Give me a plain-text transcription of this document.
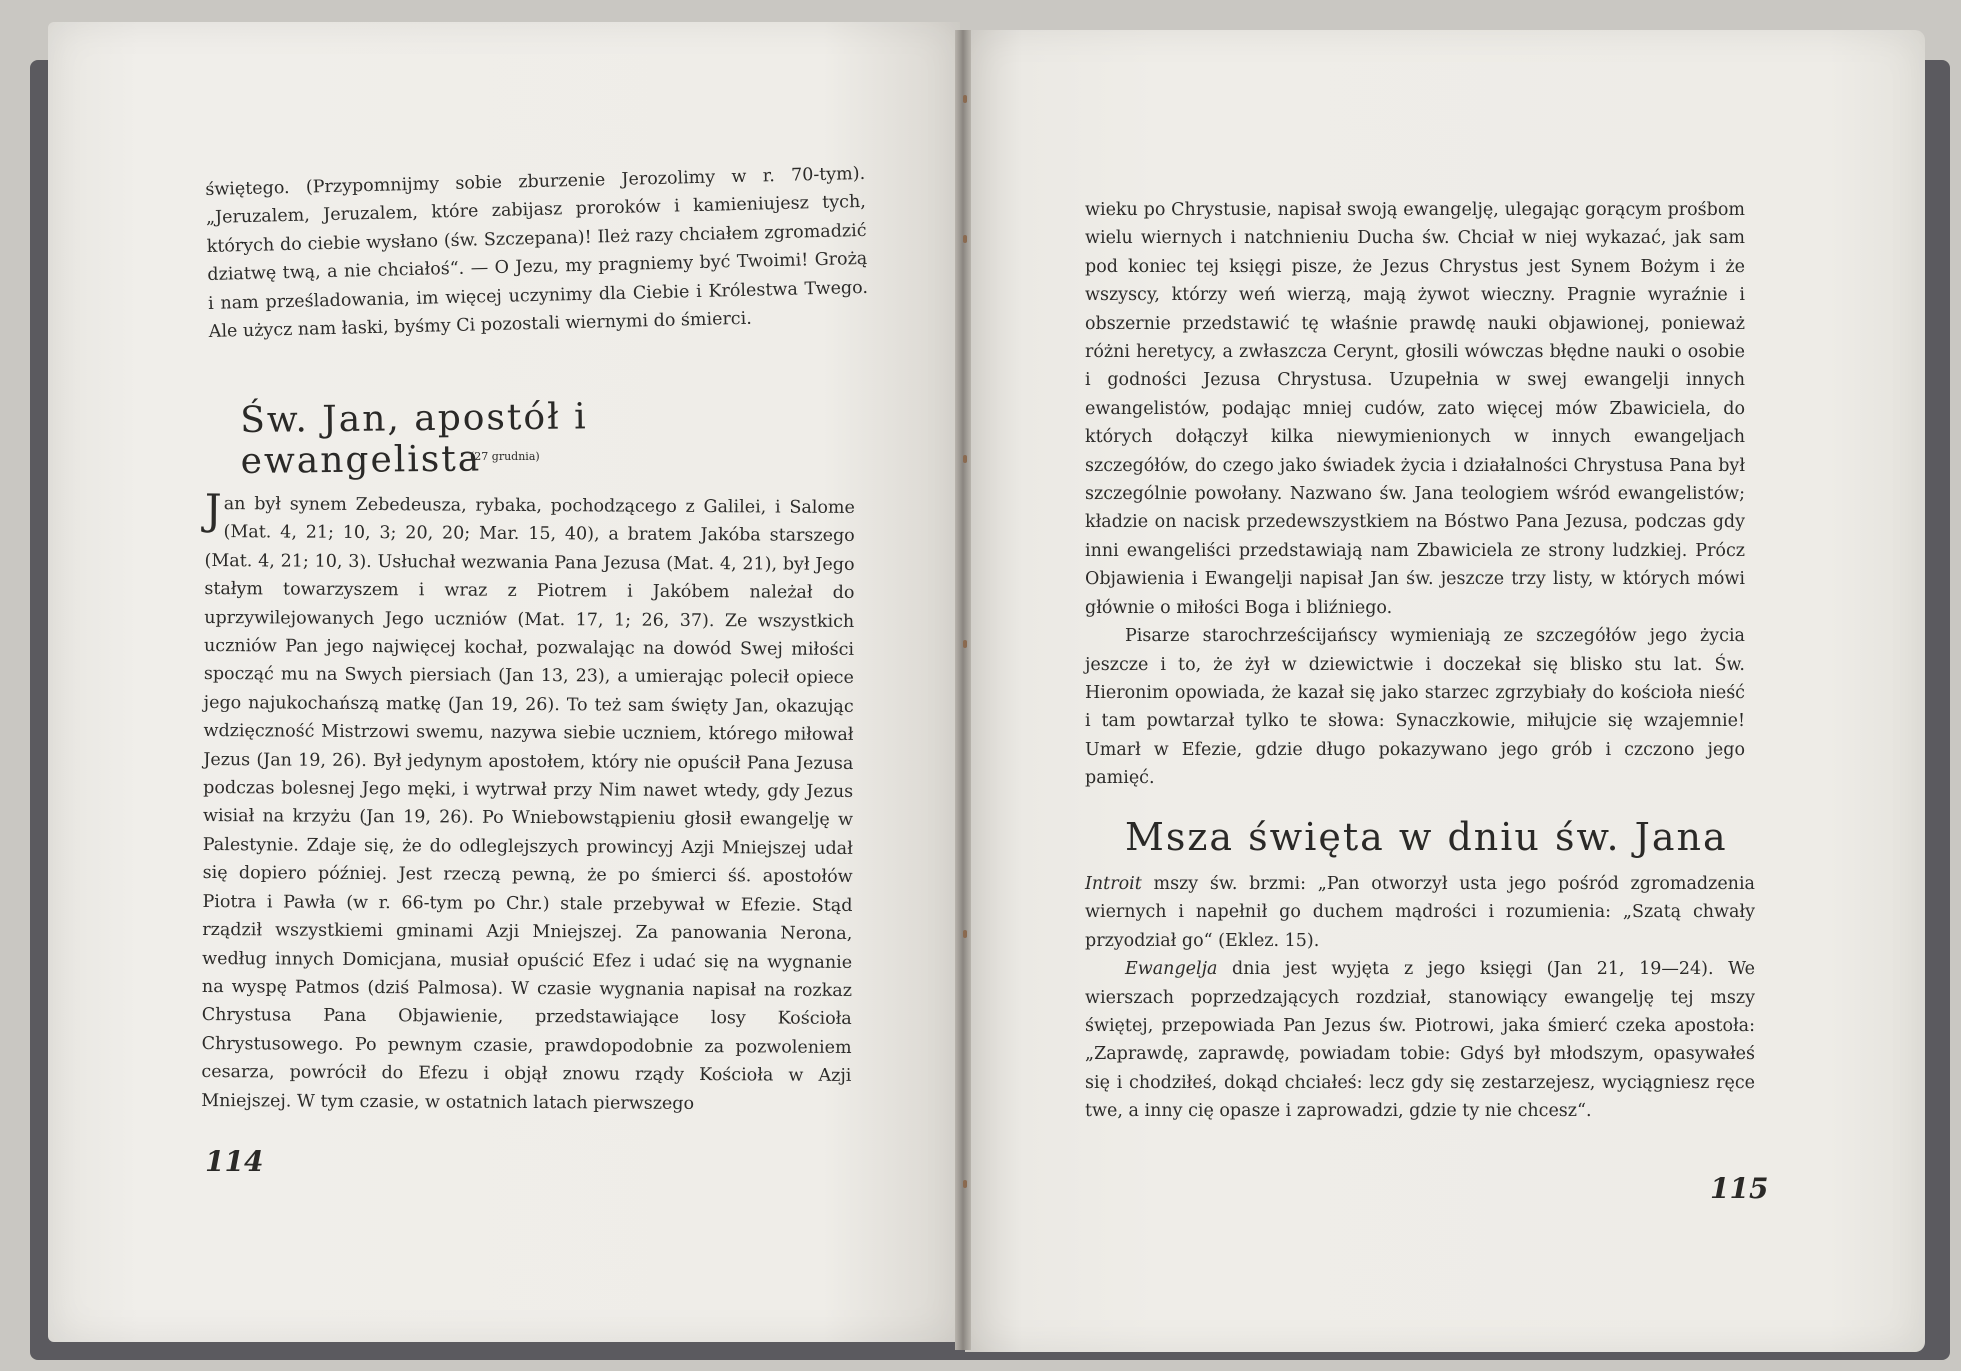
świętego. (Przypomnijmy sobie zburzenie Jerozolimy w r. 70-tym). „Jeruzalem, Jeruzalem, które zabijasz proroków i kamieniujesz tych, których do ciebie wysłano (św. Szczepana)! Ileż razy chciałem zgromadzić dziatwę twą, a nie chciałoś“. — O Jezu, my pragniemy być Twoimi! Grożą i nam prześladowania, im więcej uczynimy dla Ciebie i Królestwa Twego. Ale użycz nam łaski, byśmy Ci pozostali wiernymi do śmierci.

Św. Jan, apostół i ewangelista
(27 grudnia)
Jan był synem Zebedeusza, rybaka, pochodzącego z Galilei, i Salome (Mat. 4, 21; 10, 3; 20, 20; Mar. 15, 40), a bratem Jakóba starszego (Mat. 4, 21; 10, 3). Usłuchał wezwania Pana Jezusa (Mat. 4, 21), był Jego stałym towarzyszem i wraz z Piotrem i Jakóbem należał do uprzywilejowanych Jego uczniów (Mat. 17, 1; 26, 37). Ze wszystkich uczniów Pan jego najwięcej kochał, pozwalając na dowód Swej miłości spocząć mu na Swych piersiach (Jan 13, 23), a umierając polecił opiece jego najukochańszą matkę (Jan 19, 26). To też sam święty Jan, okazując wdzięczność Mistrzowi swemu, nazywa siebie uczniem, którego miłował Jezus (Jan 19, 26). Był jedynym apostołem, który nie opuścił Pana Jezusa podczas bolesnej Jego męki, i wytrwał przy Nim nawet wtedy, gdy Jezus wisiał na krzyżu (Jan 19, 26). Po Wniebowstąpieniu głosił ewangelję w Palestynie. Zdaje się, że do odleglejszych prowincyj Azji Mniejszej udał się dopiero później. Jest rzeczą pewną, że po śmierci śś. apostołów Piotra i Pawła (w r. 66-tym po Chr.) stale przebywał w Efezie. Stąd rządził wszystkiemi gminami Azji Mniejszej. Za panowania Nerona, według innych Domicjana, musiał opuścić Efez i udać się na wygnanie na wyspę Patmos (dziś Palmosa). W czasie wygnania napisał na rozkaz Chrystusa Pana Objawienie, przedstawiające losy Kościoła Chrystusowego. Po pewnym czasie, prawdopodobnie za pozwoleniem cesarza, powrócił do Efezu i objął znowu rządy Kościoła w Azji Mniejszej. W tym czasie, w ostatnich latach pierwszego
114

wieku po Chrystusie, napisał swoją ewangelję, ulegając gorącym prośbom wielu wiernych i natchnieniu Ducha św. Chciał w niej wykazać, jak sam pod koniec tej księgi pisze, że Jezus Chrystus jest Synem Bożym i że wszyscy, którzy weń wierzą, mają żywot wieczny. Pragnie wyraźnie i obszernie przedstawić tę właśnie prawdę nauki objawionej, ponieważ różni heretycy, a zwłaszcza Cerynt, głosili wówczas błędne nauki o osobie i godności Jezusa Chrystusa. Uzupełnia w swej ewangelji innych ewangelistów, podając mniej cudów, zato więcej mów Zbawiciela, do których dołączył kilka niewymienionych w innych ewangeljach szczegółów, do czego jako świadek życia i działalności Chrystusa Pana był szczególnie powołany. Nazwano św. Jana teologiem wśród ewangelistów; kładzie on nacisk przedewszystkiem na Bóstwo Pana Jezusa, podczas gdy inni ewangeliści przedstawiają nam Zbawiciela ze strony ludzkiej. Prócz Objawienia i Ewangelji napisał Jan św. jeszcze trzy listy, w których mówi głównie o miłości Boga i bliźniego.

Pisarze starochrześcijańscy wymieniają ze szczegółów jego życia jeszcze i to, że żył w dziewictwie i doczekał się blisko stu lat. Św. Hieronim opowiada, że kazał się jako starzec zgrzybiały do kościoła nieść i tam powtarzał tylko te słowa: Synaczkowie, miłujcie się wzajemnie! Umarł w Efezie, gdzie długo pokazywano jego grób i czczono jego pamięć.

Msza święta w dniu św. Jana

Introit mszy św. brzmi: „Pan otworzył usta jego pośród zgromadzenia wiernych i napełnił go duchem mądrości i rozumienia: „Szatą chwały przyodział go“ (Eklez. 15).

Ewangelja dnia jest wyjęta z jego księgi (Jan 21, 19—24). We wierszach poprzedzających rozdział, stanowiący ewangelję tej mszy świętej, przepowiada Pan Jezus św. Piotrowi, jaka śmierć czeka apostoła: „Zaprawdę, zaprawdę, powiadam tobie: Gdyś był młodszym, opasywałeś się i chodziłeś, dokąd chciałeś: lecz gdy się zestarzejesz, wyciągniesz ręce twe, a inny cię opasze i zaprowadzi, gdzie ty nie chcesz“.

115
